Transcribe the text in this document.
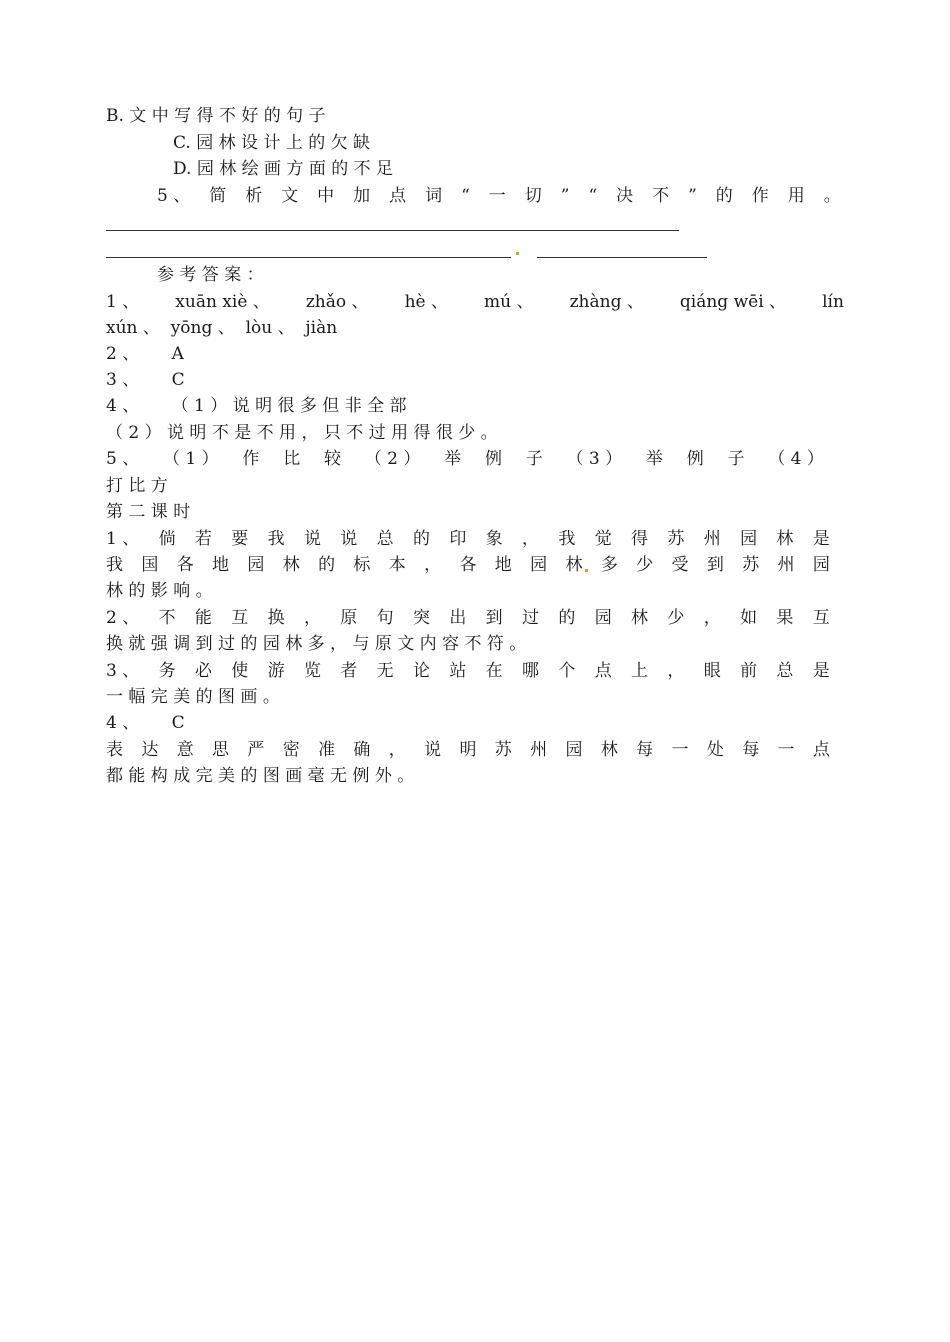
B. 文 中 写 得 不 好 的 句 子
C. 园 林 设 计 上 的 欠 缺
D. 园 林 绘 画 方 面 的 不 足
5 、 简 析 文 中 加 点 词 “ 一 切 ” “ 决 不 ” 的 作 用 。
参 考 答 案 ：
1 、 xuān xiè 、 zhǎo 、 hè 、 mú 、 zhàng 、 qiáng wēi 、 lín
xún 、  yōng 、  lòu 、  jiàn
2 、      A
3 、      C
4 、      （ 1 ） 说 明 很 多 但 非 全 部
（ 2 ） 说 明 不 是 不 用 ， 只 不 过 用 得 很 少 。
5 、 （ 1 ） 作 比 较 （ 2 ） 举 例 子 （ 3 ） 举 例 子 （ 4 ）
打 比 方
第 二 课 时
1 、 倘 若 要 我 说 说 总 的 印 象 ， 我 觉 得 苏 州 园 林 是
我 国 各 地 园 林 的 标 本 ， 各 地 园 林 多 少 受 到 苏 州 园
林 的 影 响 。
2 、 不 能 互 换 ， 原 句 突 出 到 过 的 园 林 少 ， 如 果 互
换 就 强 调 到 过 的 园 林 多 ， 与 原 文 内 容 不 符 。
3 、 务 必 使 游 览 者 无 论 站 在 哪 个 点 上 ， 眼 前 总 是
一 幅 完 美 的 图 画 。
4 、      C
表 达 意 思 严 密 准 确 ， 说 明 苏 州 园 林 每 一 处 每 一 点
都 能 构 成 完 美 的 图 画 毫 无 例 外 。
